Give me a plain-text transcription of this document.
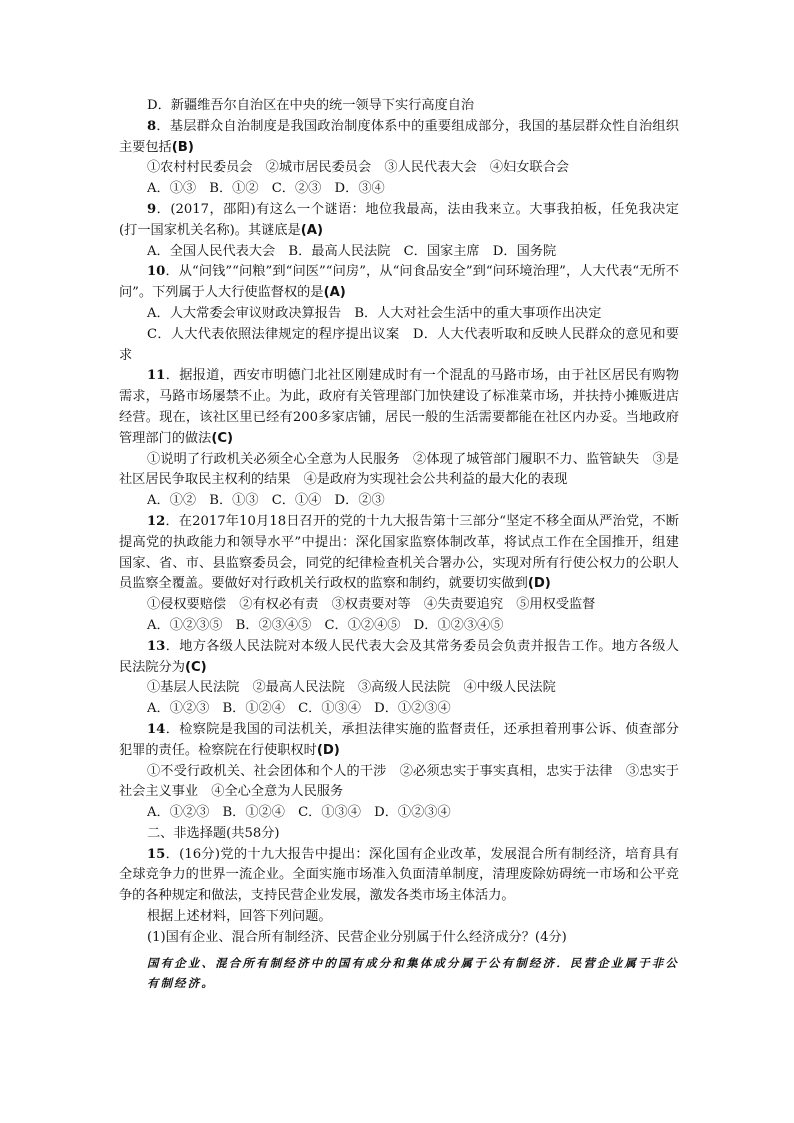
D．新疆维吾尔自治区在中央的统一领导下实行高度自治

8．基层群众自治制度是我国政治制度体系中的重要组成部分，我国的基层群众性自治组织主要包括(B)

①农村村民委员会　②城市居民委员会　③人民代表大会　④妇女联合会

A．①③　B．①②　C．②③　D．③④

9．(2017，邵阳)有这么一个谜语：地位我最高，法由我来立。大事我拍板，任免我决定(打一国家机关名称)。其谜底是(A)

A．全国人民代表大会　B．最高人民法院　C．国家主席　D．国务院

10．从“问钱”“问粮”到“问医”“问房”，从“问食品安全”到“问环境治理”，人大代表“无所不问”。下列属于人大行使监督权的是(A)

A．人大常委会审议财政决算报告　B．人大对社会生活中的重大事项作出决定

C．人大代表依照法律规定的程序提出议案　D．人大代表听取和反映人民群众的意见和要求

11．据报道，西安市明德门北社区刚建成时有一个混乱的马路市场，由于社区居民有购物需求，马路市场屡禁不止。为此，政府有关管理部门加快建设了标准菜市场，并扶持小摊贩进店经营。现在，该社区里已经有200多家店铺，居民一般的生活需要都能在社区内办妥。当地政府管理部门的做法(C)

①说明了行政机关必须全心全意为人民服务　②体现了城管部门履职不力、监管缺失　③是社区居民争取民主权利的结果　④是政府为实现社会公共利益的最大化的表现

A．①②　B．①③　C．①④　D．②③

12．在2017年10月18日召开的党的十九大报告第十三部分“坚定不移全面从严治党，不断提高党的执政能力和领导水平”中提出：深化国家监察体制改革，将试点工作在全国推开，组建国家、省、市、县监察委员会，同党的纪律检查机关合署办公，实现对所有行使公权力的公职人员监察全覆盖。要做好对行政机关行政权的监察和制约，就要切实做到(D)

①侵权要赔偿　②有权必有责　③权责要对等　④失责要追究　⑤用权受监督

A．①②③⑤　B．②③④⑤　C．①②④⑤　D．①②③④⑤

13．地方各级人民法院对本级人民代表大会及其常务委员会负责并报告工作。地方各级人民法院分为(C)

①基层人民法院　②最高人民法院　③高级人民法院　④中级人民法院

A．①②③　B．①②④　C．①③④　D．①②③④

14．检察院是我国的司法机关，承担法律实施的监督责任，还承担着刑事公诉、侦查部分犯罪的责任。检察院在行使职权时(D)

①不受行政机关、社会团体和个人的干涉　②必须忠实于事实真相，忠实于法律　③忠实于社会主义事业　④全心全意为人民服务

A．①②③　B．①②④　C．①③④　D．①②③④

二、非选择题(共58分)

15．(16分)党的十九大报告中提出：深化国有企业改革，发展混合所有制经济，培育具有全球竞争力的世界一流企业。全面实施市场准入负面清单制度，清理废除妨碍统一市场和公平竞争的各种规定和做法，支持民营企业发展，激发各类市场主体活力。

根据上述材料，回答下列问题。

(1)国有企业、混合所有制经济、民营企业分别属于什么经济成分？(4分)

国有企业、混合所有制经济中的国有成分和集体成分属于公有制经济．民营企业属于非公有制经济。
